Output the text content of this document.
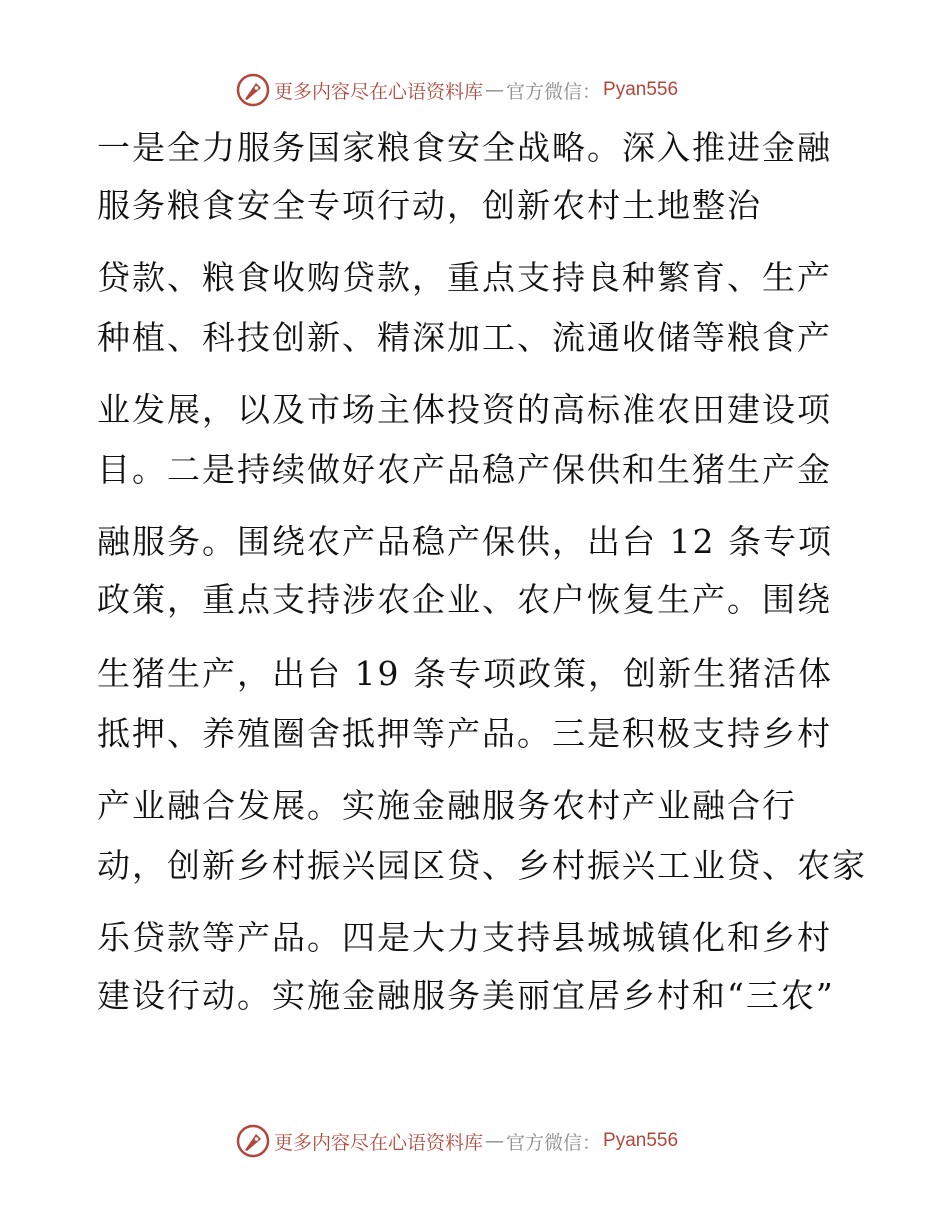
更多内容尽在心语资料库 — 官方微信： Pyan556
一是全力服务国家粮食安全战略。深入推进金融
服务粮食安全专项行动，创新农村土地整治
贷款、粮食收购贷款，重点支持良种繁育、生产
种植、科技创新、精深加工、流通收储等粮食产
业发展，以及市场主体投资的高标准农田建设项
目。二是持续做好农产品稳产保供和生猪生产金
融服务。围绕农产品稳产保供，出台 12 条专项
政策，重点支持涉农企业、农户恢复生产。围绕
生猪生产，出台 19 条专项政策，创新生猪活体
抵押、养殖圈舍抵押等产品。三是积极支持乡村
产业融合发展。实施金融服务农村产业融合行
动，创新乡村振兴园区贷、乡村振兴工业贷、农家
乐贷款等产品。四是大力支持县城城镇化和乡村
建设行动。实施金融服务美丽宜居乡村和“三农”
更多内容尽在心语资料库 — 官方微信： Pyan556
